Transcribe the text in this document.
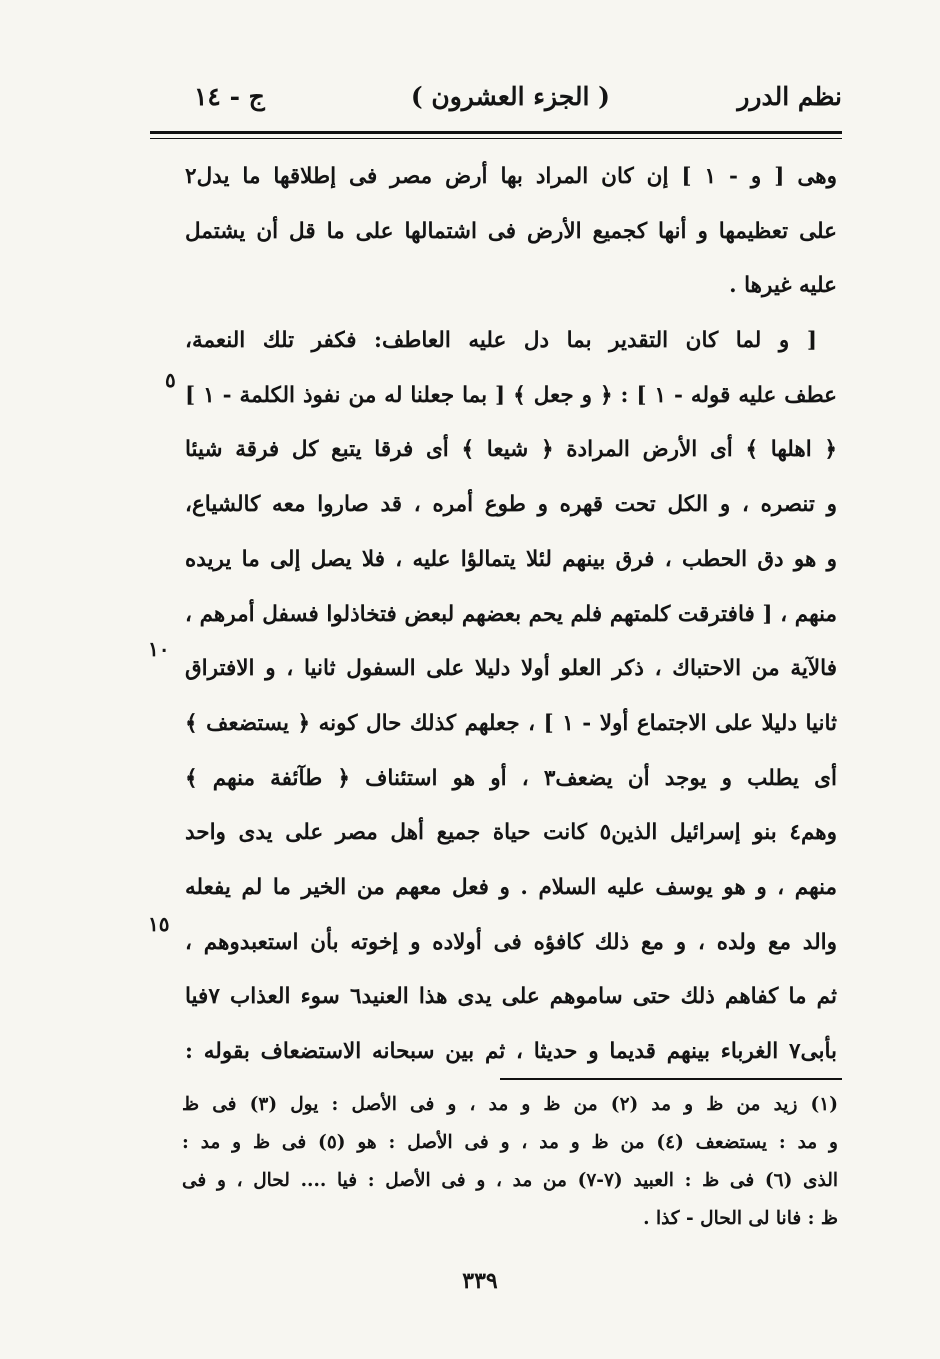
نظم الدرر
( الجزء العشرون )
ج - ١٤
وهى [ و - ١ ] إن كان المراد بها أرض مصر فى إطلاقها ما يدل٢
على تعظيمها و أنها كجميع الأرض فى اشتمالها على ما قل أن يشتمل
عليه غيرها .
[ و لما كان التقدير بما دل عليه العاطف: فكفر تلك النعمة،
عطف عليه قوله - ١ ] : ﴿ و جعل ﴾ [ بما جعلنا له من نفوذ الكلمة - ١ ]
﴿ اهلها ﴾ أى الأرض المرادة ﴿ شيعا ﴾ أى فرقا يتبع كل فرقة شيئا
و تنصره ، و الكل تحت قهره و طوع أمره ، قد صاروا معه كالشياع،
و هو دق الحطب ، فرق بينهم لئلا يتمالؤا عليه ، فلا يصل إلى ما يريده
منهم ، [ فافترقت كلمتهم فلم يحم بعضهم لبعض فتخاذلوا فسفل أمرهم ،
فالآية من الاحتباك ، ذكر العلو أولا دليلا على السفول ثانيا ، و الافتراق
ثانيا دليلا على الاجتماع أولا - ١ ] ، جعلهم كذلك حال كونه ﴿ يستضعف ﴾
أى يطلب و يوجد أن يضعف٣ ، أو هو استئناف ﴿ طآئفة منهم ﴾
وهم٤ بنو إسرائيل الذين٥ كانت حياة جميع أهل مصر على يدى واحد
منهم ، و هو يوسف عليه السلام . و فعل معهم من الخير ما لم يفعله
والد مع ولده ، و مع ذلك كافؤه فى أولاده و إخوته بأن استعبدوهم ،
ثم ما كفاهم ذلك حتى ساموهم على يدى هذا العنيد٦ سوء العذاب ٧فيا
بأبى٧ الغرباء بينهم قديما و حديثا ، ثم بين سبحانه الاستضعاف بقوله :
٥
١٠
١٥
(١) زيد من ظ و مد (٢) من ظ و مد ، و فى الأصل : يول (٣) فى ظ
و مد : يستضعف (٤) من ظ و مد ، و فى الأصل : هو (٥) فى ظ و مد :
الذى (٦) فى ظ : العبيد (٧-٧) من مد ، و فى الأصل : فيا .... لحال ، و فى
ظ : فانا لى الحال - كذا .
٣٣٩
